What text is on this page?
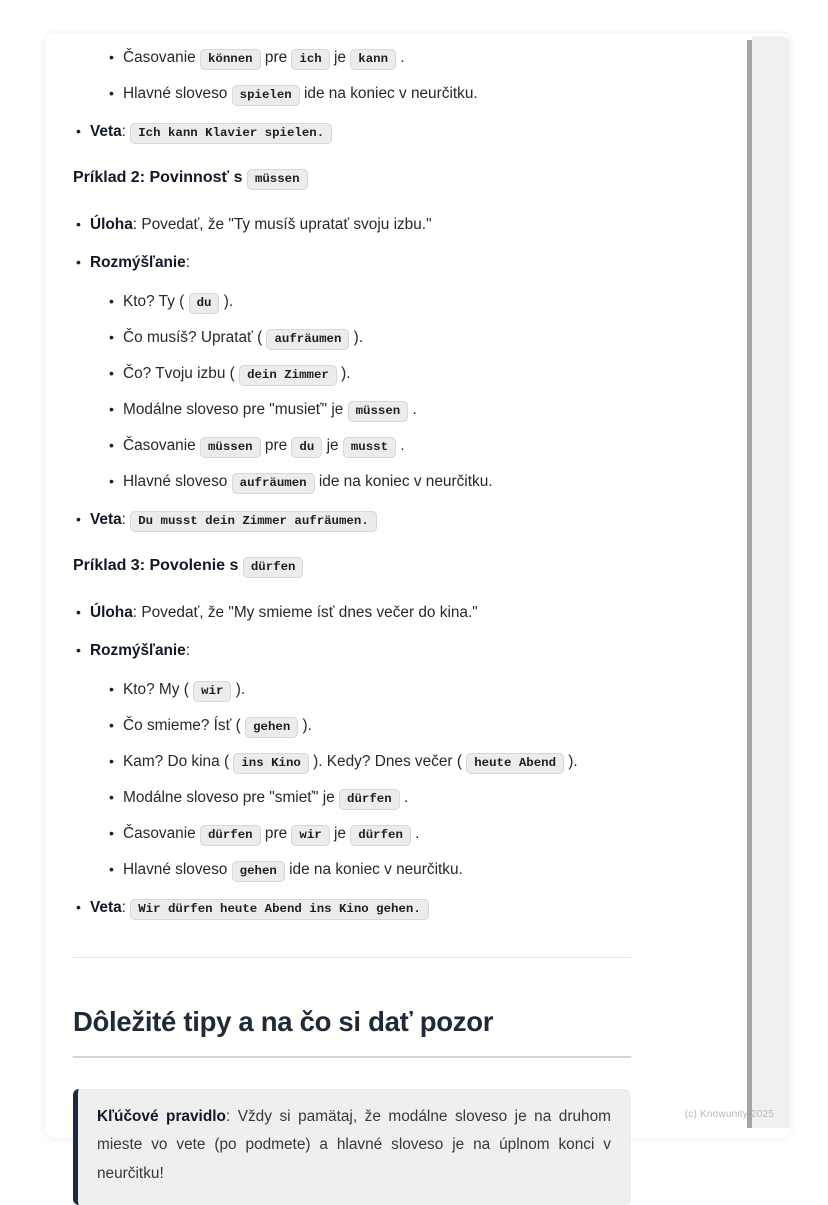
• Časovanie können pre ich je kann .
• Hlavné sloveso spielen ide na koniec v neurčitku.
• Veta: Ich kann Klavier spielen.

Príklad 2: Povinnosť s müssen

• Úloha: Povedať, že "Ty musíš upratať svoju izbu."
• Rozmýšľanie:
• Kto? Ty ( du ).
• Čo musíš? Upratať ( aufräumen ).
• Čo? Tvoju izbu ( dein Zimmer ).
• Modálne sloveso pre "musieť" je müssen .
• Časovanie müssen pre du je musst .
• Hlavné sloveso aufräumen ide na koniec v neurčitku.
• Veta: Du musst dein Zimmer aufräumen.

Príklad 3: Povolenie s dürfen

• Úloha: Povedať, že "My smieme ísť dnes večer do kina."
• Rozmýšľanie:
• Kto? My ( wir ).
• Čo smieme? Ísť ( gehen ).
• Kam? Do kina ( ins Kino ). Kedy? Dnes večer ( heute Abend ).
• Modálne sloveso pre "smieť" je dürfen .
• Časovanie dürfen pre wir je dürfen .
• Hlavné sloveso gehen ide na koniec v neurčitku.
• Veta: Wir dürfen heute Abend ins Kino gehen.
Dôležité tipy a na čo si dať pozor
Kľúčové pravidlo: Vždy si pamätaj, že modálne sloveso je na druhom mieste vo vete (po podmete) a hlavné sloveso je na úplnom konci v neurčitku!
(c) Knowunity 2025
